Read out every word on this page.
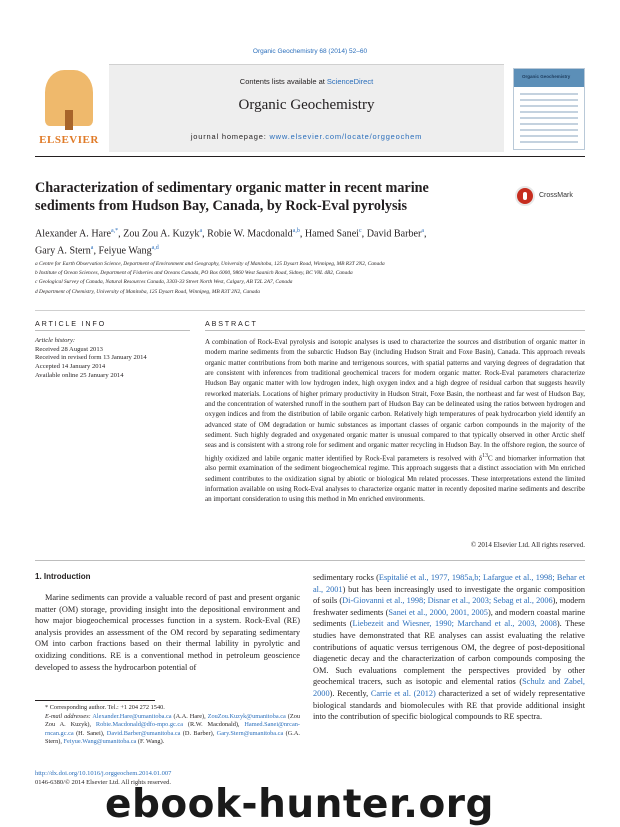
Organic Geochemistry 68 (2014) 52–60
ELSEVIER
Contents lists available at ScienceDirect
Organic Geochemistry
journal homepage: www.elsevier.com/locate/orggeochem
Organic Geochemistry
Characterization of sedimentary organic matter in recent marine sediments from Hudson Bay, Canada, by Rock-Eval pyrolysis
CrossMark
Alexander A. Hare$^{a,*}$, Zou Zou A. Kuzyk$^a$, Robie W. Macdonald$^{a,b}$, Hamed Sanei$^c$, David Barber$^a$,
Gary A. Stern$^a$, Feiyue Wang$^{a,d}$
a Centre for Earth Observation Science, Department of Environment and Geography, University of Manitoba, 125 Dysart Road, Winnipeg, MB R3T 2N2, Canada
b Institute of Ocean Sciences, Department of Fisheries and Oceans Canada, PO Box 6000, 9860 West Saanich Road, Sidney, BC V8L 4B2, Canada
c Geological Survey of Canada, Natural Resources Canada, 3303-33 Street North West, Calgary, AB T2L 2A7, Canada
d Department of Chemistry, University of Manitoba, 125 Dysart Road, Winnipeg, MB R3T 2N2, Canada
ARTICLE INFO	ABSTRACT
Article history:
Received 28 August 2013
Received in revised form 13 January 2014
Accepted 14 January 2014
Available online 25 January 2014
A combination of Rock-Eval pyrolysis and isotopic analyses is used to characterize the sources and distribution of organic matter in modern marine sediments from the subarctic Hudson Bay (including Hudson Strait and Foxe Basin), Canada. This approach reveals organic matter contributions from both marine and terrigenous sources, with spatial patterns and varying degrees of degradation that are consistent with inferences from traditional geochemical tracers for modern organic matter. Rock-Eval parameters characterize Hudson Bay organic matter with low hydrogen index, high oxygen index and a high degree of residual carbon that suggests heavily reworked materials. Locations of higher primary productivity in Hudson Strait, Foxe Basin, the northeast and far west of Hudson Bay, and the concentration of watershed runoff in the southern part of Hudson Bay can be delineated using the ratios between hydrogen and oxygen indices and from the distribution of labile organic carbon. Relatively high temperatures of peak hydrocarbon yield identify an advanced state of OM degradation or humic substances as important classes of organic carbon compounds in the majority of the sediment. Such highly degraded and oxygenated organic matter is unusual compared to that typically observed in other Arctic shelf seas and is consistent with a strong role for sediment and organic matter recycling in Hudson Bay. In the offshore region, the source of highly oxidized and labile organic matter identified by Rock-Eval parameters is resolved with $\delta^{13}C$ and biomarker information that also permit examination of the sediment biogeochemical regime. This approach suggests that a distinct association with Mn enriched sediment contributes to the oxidization signal by abiotic or biological Mn related processes. These interpretations extend the limited information available on using Rock-Eval analyses to characterize organic matter in recently deposited marine sediments and describe an important consideration to using this method in Mn enriched environments.
© 2014 Elsevier Ltd. All rights reserved.
1. Introduction

Marine sediments can provide a valuable record of past and present organic matter (OM) storage, providing insight into the depositional environment and how major biogeochemical processes function in a system. Rock-Eval (RE) analysis provides an assessment of the OM record by separating sedimentary OM into carbon fractions based on their thermal lability in pyrolytic and oxidizing conditions. RE is a conventional method in petroleum geoscience developed to assess the hydrocarbon potential of

sedimentary rocks (Espitalié et al., 1977, 1985a,b; Lafargue et al., 1998; Behar et al., 2001) but has been increasingly used to investigate the organic composition of soils (Di-Giovanni et al., 1998; Disnar et al., 2003; Sebag et al., 2006), modern freshwater sediments (Sanei et al., 2000, 2001, 2005), and modern coastal marine sediments (Liebezeit and Wiesner, 1990; Marchand et al., 2003, 2008). These studies have demonstrated that RE analyses can assist evaluating the relative contributions of aquatic versus terrigenous OM, the degree of post-depositional diagenetic decay and the characterization of carbon compounds composing the OM. Such evaluations complement the perspectives provided by other geochemical tracers, such as isotopic and elemental ratios (Schulz and Zabel, 2000). Recently, Carrie et al. (2012) characterized a set of widely representative biological standards and biomolecules with RE that provide additional insight into the contribution of specific biological compounds to RE spectra.
* Corresponding author. Tel.: +1 204 272 1540.
E-mail addresses: Alexander.Hare@umanitoba.ca (A.A. Hare), ZouZou.Kuzyk@umanitoba.ca (Zou Zou A. Kuzyk), Robie.Macdonald@dfo-mpo.gc.ca (R.W. Macdonald), Hamed.Sanei@nrcan-rncan.gc.ca (H. Sanei), David.Barber@umanitoba.ca (D. Barber), Gary.Stern@umanitoba.ca (G.A. Stern), Feiyue.Wang@umanitoba.ca (F. Wang).
http://dx.doi.org/10.1016/j.orggeochem.2014.01.007
0146-6380/© 2014 Elsevier Ltd. All rights reserved.
ebook-hunter.org
